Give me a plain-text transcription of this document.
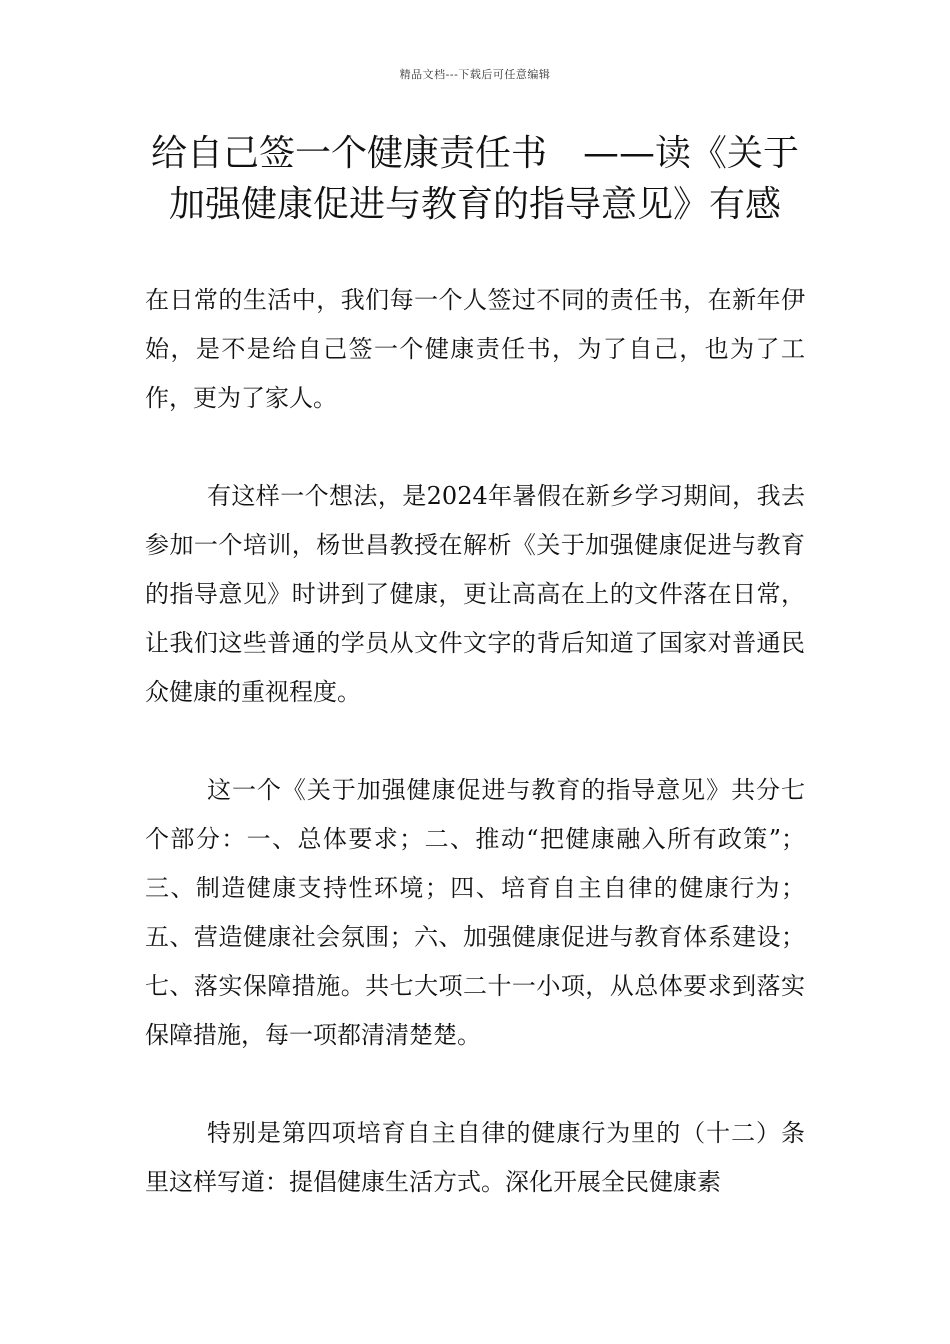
精品文档---下载后可任意编辑
给自己签一个健康责任书　——读《关于加强健康促进与教育的指导意见》有感

在日常的生活中，我们每一个人签过不同的责任书，在新年伊始，是不是给自己签一个健康责任书，为了自己，也为了工作，更为了家人。

有这样一个想法，是2024年暑假在新乡学习期间，我去参加一个培训，杨世昌教授在解析《关于加强健康促进与教育的指导意见》时讲到了健康，更让高高在上的文件落在日常，让我们这些普通的学员从文件文字的背后知道了国家对普通民众健康的重视程度。

这一个《关于加强健康促进与教育的指导意见》共分七个部分：一、总体要求；二、推动“把健康融入所有政策”；三、制造健康支持性环境；四、培育自主自律的健康行为；五、营造健康社会氛围；六、加强健康促进与教育体系建设；七、落实保障措施。共七大项二十一小项，从总体要求到落实保障措施，每一项都清清楚楚。

特别是第四项培育自主自律的健康行为里的（十二）条里这样写道：提倡健康生活方式。深化开展全民健康素
